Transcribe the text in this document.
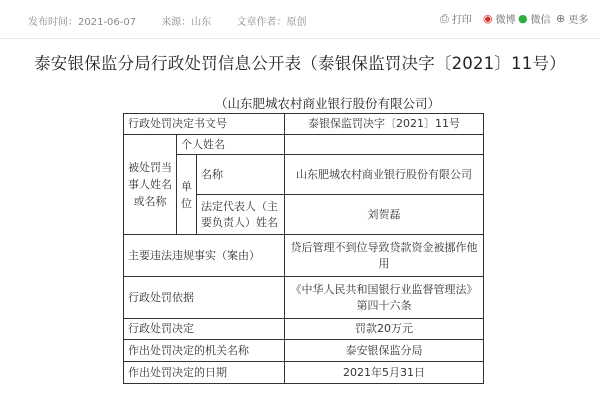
发布时间：2021-06-07	来源：山东	文章作者：原创	⎙ 打印 ◉ 微博 ● 微信 ⊕ 更多
泰安银保监分局行政处罚信息公开表（泰银保监罚决字〔2021〕11号）
（山东肥城农村商业银行股份有限公司）
行政处罚决定书文号			泰银保监罚决字〔2021〕11号
被处罚当事人姓名或名称	个人姓名		
	单位	名称	山东肥城农村商业银行股份有限公司
		法定代表人（主要负责人）姓名	刘贺磊
主要违法违规事实（案由）			贷后管理不到位导致贷款资金被挪作他用
行政处罚依据			《中华人民共和国银行业监督管理法》第四十六条
行政处罚决定			罚款20万元
作出处罚决定的机关名称			泰安银保监分局
作出处罚决定的日期			2021年5月31日
